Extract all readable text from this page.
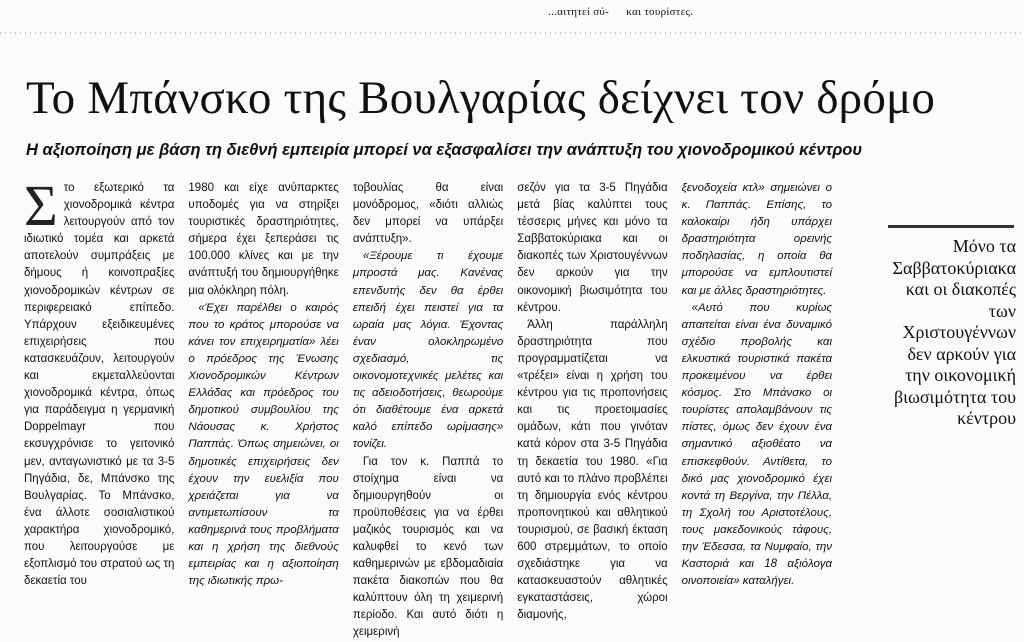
...αιτητεί σύ- και τουρίστες.
Το Μπάνσκο της Βουλγαρίας δείχνει τον δρόμο
Η αξιοποίηση με βάση τη διεθνή εμπειρία μπορεί να εξασφαλίσει την ανάπτυξη του χιονοδρομικού κέντρου
Σ το εξωτερικό τα χιονοδρομικά κέντρα λειτουργούν από τον ιδιωτικό τομέα και αρκετά αποτελούν συμπράξεις με δήμους ή κοινοπραξίες χιονοδρομικών κέντρων σε περιφερειακό επίπεδο. Υπάρχουν εξειδικευμένες επιχειρήσεις που κατασκευάζουν, λειτουργούν και εκμεταλλεύονται χιονοδρομικά κέντρα, όπως για παράδειγμα η γερμανική Doppelmayr που εκσυγχρόνισε το γειτονικό μεν, ανταγωνιστικό με τα 3-5 Πηγάδια, δε, Μπάνσκο της Βουλγαρίας. Το Μπάνσκο, ένα άλλοτε σοσιαλιστικού χαρακτήρα χιονοδρομικό, που λειτουργούσε με εξοπλισμό του στρατού ως τη δεκαετία του

1980 και είχε ανύπαρκτες υποδομές για να στηρίξει τουριστικές δραστηριότητες, σήμερα έχει ξεπεράσει τις 100.000 κλίνες και με την ανάπτυξή του δημιουργήθηκε μια ολόκληρη πόλη.

«Έχει παρέλθει ο καιρός που το κράτος μπορούσε να κάνει τον επιχειρηματία» λέει ο πρόεδρος της Ένωσης Χιονοδρομικών Κέντρων Ελλάδας και πρόεδρος του δημοτικού συμβουλίου της Νάουσας κ. Χρήστος Παππάς. Όπως σημειώνει, οι δημοτικές επιχειρήσεις δεν έχουν την ευελιξία που χρειάζεται για να αντιμετωπίσουν τα καθημερινά τους προβλήματα και η χρήση της διεθνούς εμπειρίας και η αξιοποίηση της ιδιωτικής πρω-

τοβουλίας θα είναι μονόδρομος, «διότι αλλιώς δεν μπορεί να υπάρξει ανάπτυξη».

«Ξέρουμε τι έχουμε μπροστά μας. Κανένας επενδυτής δεν θα έρθει επειδή έχει πειστεί για τα ωραία μας λόγια. Έχοντας έναν ολοκληρωμένο σχεδιασμό, τις οικονομοτεχνικές μελέτες και τις αδειοδοτήσεις, θεωρούμε ότι διαθέτουμε ένα αρκετά καλό επίπεδο ωρίμασης» τονίζει.

Για τον κ. Παππά το στοίχημα είναι να δημιουργηθούν οι προϋποθέσεις για να έρθει μαζικός τουρισμός και να καλυφθεί το κενό των καθημερινών με εβδομαδιαία πακέτα διακοπών που θα καλύπτουν όλη τη χειμερινή περίοδο. Και αυτό διότι η χειμερινή

σεζόν για τα 3-5 Πηγάδια μετά βίας καλύπτει τους τέσσερις μήνες και μόνο τα Σαββατοκύριακα και οι διακοπές των Χριστουγέννων δεν αρκούν για την οικονομική βιωσιμότητα του κέντρου.

Άλλη παράλληλη δραστηριότητα που προγραμματίζεται να «τρέξει» είναι η χρήση του κέντρου για τις προπονήσεις και τις προετοιμασίες ομάδων, κάτι που γινόταν κατά κόρον στα 3-5 Πηγάδια τη δεκαετία του 1980. «Για αυτό και το πλάνο προβλέπει τη δημιουργία ενός κέντρου προπονητικού και αθλητικού τουρισμού, σε βασική έκταση 600 στρεμμάτων, το οποίο σχεδιάστηκε για να κατασκευαστούν αθλητικές εγκαταστάσεις, χώροι διαμονής,

ξενοδοχεία κτλ» σημειώνει ο κ. Παππάς. Επίσης, το καλοκαίρι ήδη υπάρχει δραστηριότητα ορεινής ποδηλασίας, η οποία θα μπορούσε να εμπλουτιστεί και με άλλες δραστηριότητες.

«Αυτό που κυρίως απαιτείται είναι ένα δυναμικό σχέδιο προβολής και ελκυστικά τουριστικά πακέτα προκειμένου να έρθει κόσμος. Στο Μπάνσκο οι τουρίστες απολαμβάνουν τις πίστες, όμως δεν έχουν ένα σημαντικό αξιοθέατο να επισκεφθούν. Αντίθετα, το δικό μας χιονοδρομικό έχει κοντά τη Βεργίνα, την Πέλλα, τη Σχολή του Αριστοτέλους, τους μακεδονικούς τάφους, την Έδεσσα, τα Νυμφαίο, την Καστοριά και 18 αξιόλογα οινοποιεία» καταλήγει.

Μόνο τα Σαββατοκύριακα και οι διακοπές των Χριστουγέννων δεν αρκούν για την οικονομική βιωσιμότητα του κέντρου
